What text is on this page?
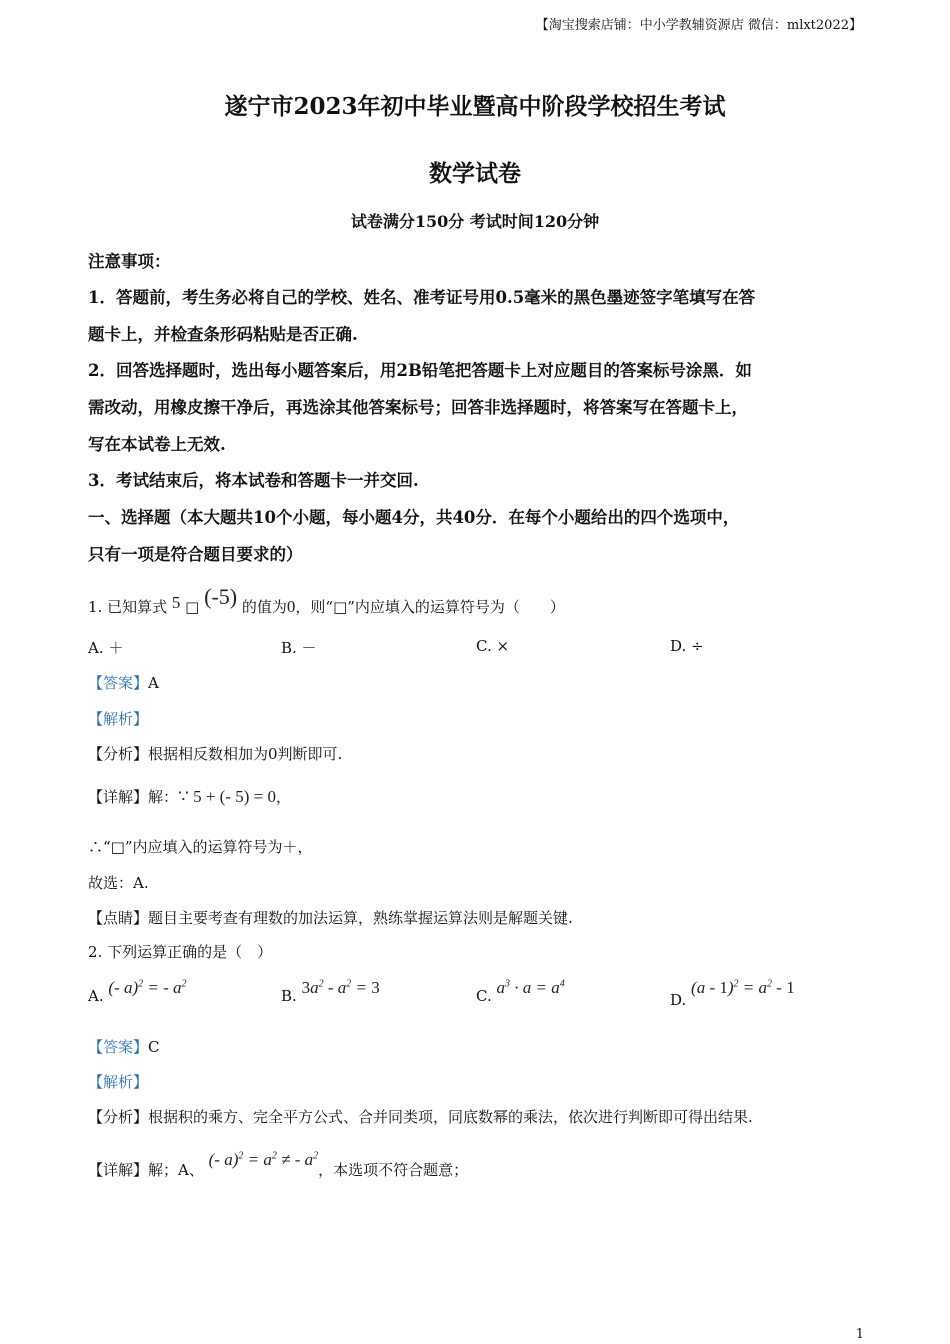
【淘宝搜索店铺：中小学教辅资源店 微信：mlxt2022】
遂宁市2023年初中毕业暨高中阶段学校招生考试
数学试卷
试卷满分150分 考试时间120分钟
注意事项：
1．答题前，考生务必将自己的学校、姓名、准考证号用0.5毫米的黑色墨迹签字笔填写在答
题卡上，并检查条形码粘贴是否正确.
2．回答选择题时，选出每小题答案后，用2B铅笔把答题卡上对应题目的答案标号涂黑．如
需改动，用橡皮擦干净后，再选涂其他答案标号；回答非选择题时，将答案写在答题卡上，
写在本试卷上无效.
3．考试结束后，将本试卷和答题卡一并交回.
一、选择题（本大题共10个小题，每小题4分，共40分．在每个小题给出的四个选项中，
只有一项是符合题目要求的）
1. 已知算式 5 □ (-5) 的值为0，则“□”内应填入的运算符号为（　　）
A. ＋	B. －	C. ×	D. ÷
【答案】A
【解析】
【分析】根据相反数相加为0判断即可.
【详解】解：∵ 5 + (- 5) = 0，
∴“□”内应填入的运算符号为＋，
故选：A.
【点睛】题目主要考查有理数的加法运算，熟练掌握运算法则是解题关键.
2. 下列运算正确的是（　）
A. (- a)$^2$ = - $a^2$
B. $3a^2 - a^2 = 3$	C. $a^3 \cdot a = a^4$
D. $(a - 1)^2 = a^2 - 1$
【答案】C
【解析】
【分析】根据积的乘方、完全平方公式、合并同类项，同底数幂的乘法，依次进行判断即可得出结果.
【详解】解；A、 (- $a)^2 = a^2$ ≠ - $a^2$，本选项不符合题意；
1
